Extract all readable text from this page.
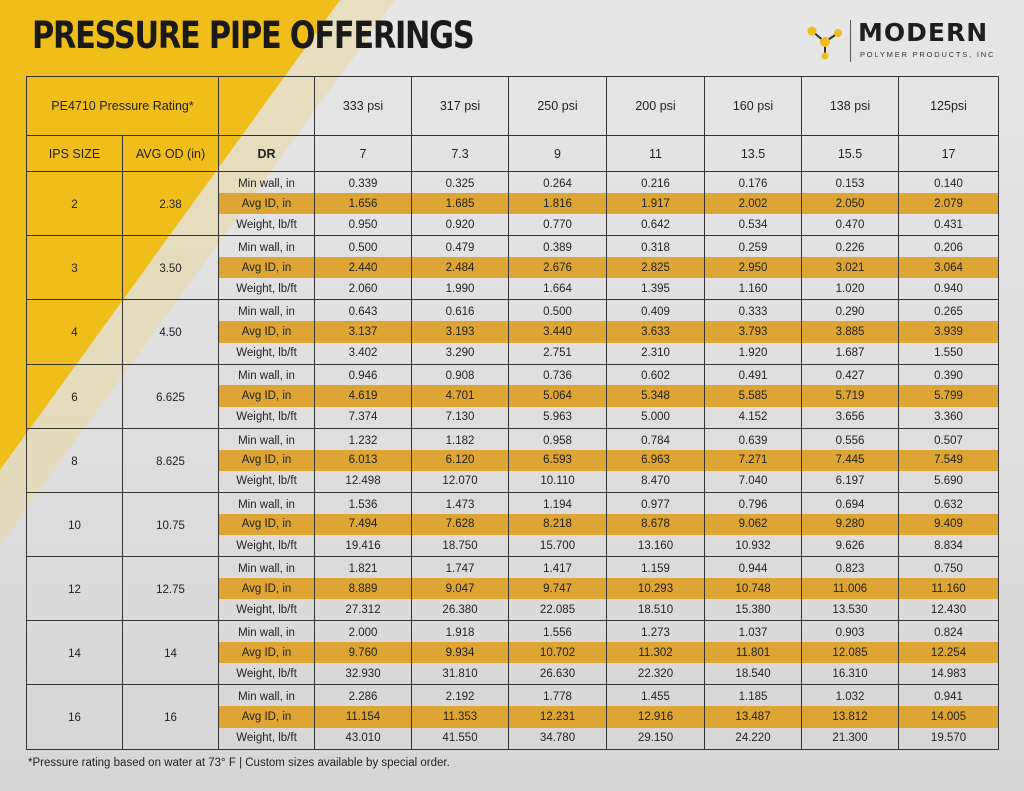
PRESSURE PIPE OFFERINGS	MODERN
POLYMER PRODUCTS, INC
PE4710 Pressure Rating*			333 psi	317 psi	250 psi	200 psi	160 psi	138 psi	125psi
IPS SIZE	AVG OD (in)	DR	7	7.3	9	11	13.5	15.5	17
2	2.38	Min wall, in	0.339	0.325	0.264	0.216	0.176	0.153	0.140
		Avg ID, in	1.656	1.685	1.816	1.917	2.002	2.050	2.079
		Weight, lb/ft	0.950	0.920	0.770	0.642	0.534	0.470	0.431
3	3.50	Min wall, in	0.500	0.479	0.389	0.318	0.259	0.226	0.206
		Avg ID, in	2.440	2.484	2.676	2.825	2.950	3.021	3.064
		Weight, lb/ft	2.060	1.990	1.664	1.395	1.160	1.020	0.940
4	4.50	Min wall, in	0.643	0.616	0.500	0.409	0.333	0.290	0.265
		Avg ID, in	3.137	3.193	3.440	3.633	3.793	3.885	3.939
		Weight, lb/ft	3.402	3.290	2.751	2.310	1.920	1.687	1.550
6	6.625	Min wall, in	0.946	0.908	0.736	0.602	0.491	0.427	0.390
		Avg ID, in	4.619	4.701	5.064	5.348	5.585	5.719	5.799
		Weight, lb/ft	7.374	7.130	5.963	5.000	4.152	3.656	3.360
8	8.625	Min wall, in	1.232	1.182	0.958	0.784	0.639	0.556	0.507
		Avg ID, in	6.013	6.120	6.593	6.963	7.271	7.445	7.549
		Weight, lb/ft	12.498	12.070	10.110	8.470	7.040	6.197	5.690
10	10.75	Min wall, in	1.536	1.473	1.194	0.977	0.796	0.694	0.632
		Avg ID, in	7.494	7.628	8.218	8.678	9.062	9.280	9.409
		Weight, lb/ft	19.416	18.750	15.700	13.160	10.932	9.626	8.834
12	12.75	Min wall, in	1.821	1.747	1.417	1.159	0.944	0.823	0.750
		Avg ID, in	8.889	9.047	9.747	10.293	10.748	11.006	11.160
		Weight, lb/ft	27.312	26.380	22.085	18.510	15.380	13.530	12.430
14	14	Min wall, in	2.000	1.918	1.556	1.273	1.037	0.903	0.824
		Avg ID, in	9.760	9.934	10.702	11.302	11.801	12.085	12.254
		Weight, lb/ft	32.930	31.810	26.630	22.320	18.540	16.310	14.983
16	16	Min wall, in	2.286	2.192	1.778	1.455	1.185	1.032	0.941
		Avg ID, in	11.154	11.353	12.231	12.916	13.487	13.812	14.005
		Weight, lb/ft	43.010	41.550	34.780	29.150	24.220	21.300	19.570
*Pressure rating based on water at 73° F | Custom sizes available by special order.
